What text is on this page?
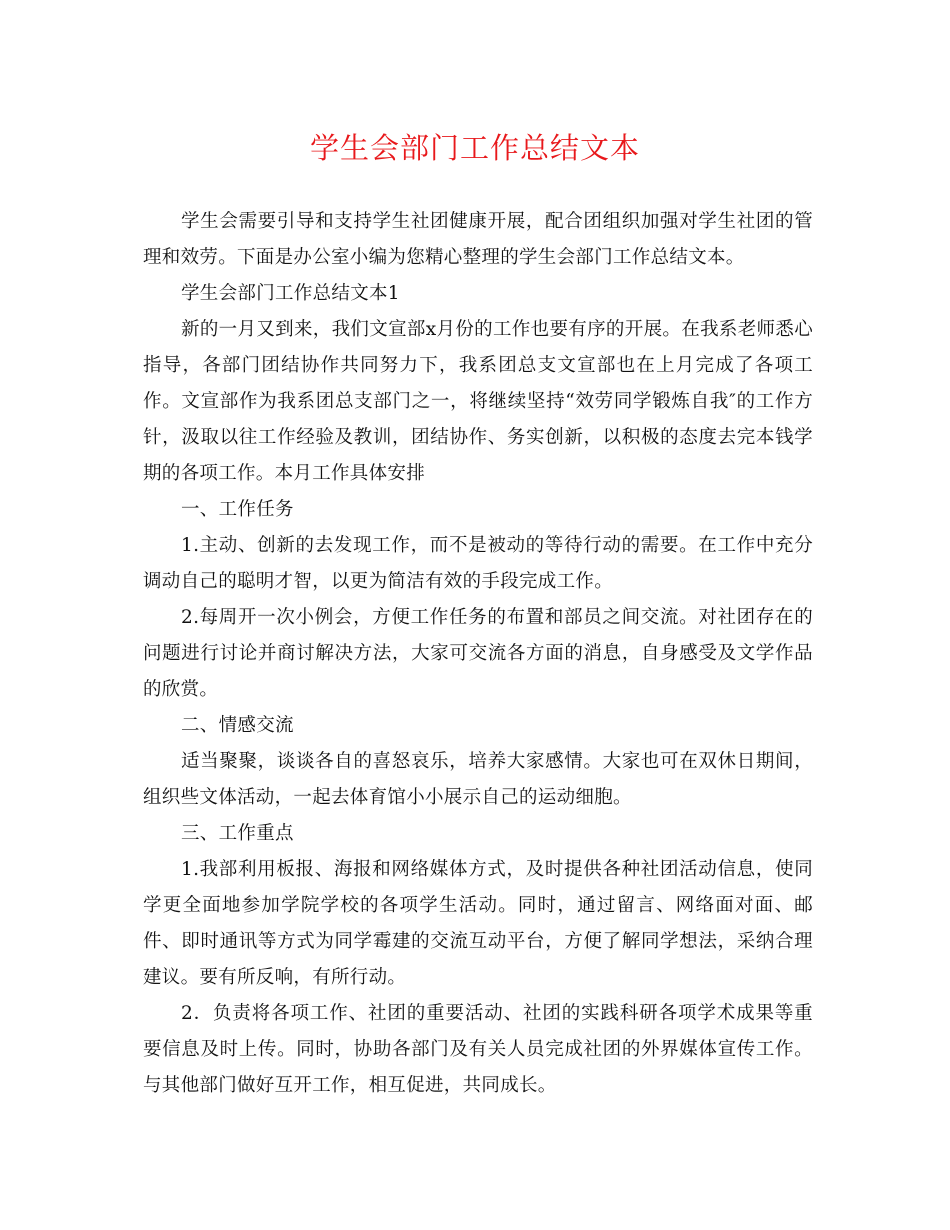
学生会部门工作总结文本

学生会需要引导和支持学生社团健康开展，配合团组织加强对学生社团的管理和效劳。下面是办公室小编为您精心整理的学生会部门工作总结文本。

学生会部门工作总结文本1

新的一月又到来，我们文宣部x月份的工作也要有序的开展。在我系老师悉心指导，各部门团结协作共同努力下，我系团总支文宣部也在上月完成了各项工作。文宣部作为我系团总支部门之一，将继续坚持“效劳同学锻炼自我″的工作方针，汲取以往工作经验及教训，团结协作、务实创新，以积极的态度去完本钱学期的各项工作。本月工作具体安排

一、工作任务

1.主动、创新的去发现工作，而不是被动的等待行动的需要。在工作中充分调动自己的聪明才智，以更为简洁有效的手段完成工作。

2.每周开一次小例会，方便工作任务的布置和部员之间交流。对社团存在的问题进行讨论并商讨解决方法，大家可交流各方面的消息，自身感受及文学作品的欣赏。

二、情感交流

适当聚聚，谈谈各自的喜怒哀乐，培养大家感情。大家也可在双休日期间，组织些文体活动，一起去体育馆小小展示自己的运动细胞。

三、工作重点

1.我部利用板报、海报和网络媒体方式，及时提供各种社团活动信息，使同学更全面地参加学院学校的各项学生活动。同时，通过留言、网络面对面、邮件、即时通讯等方式为同学霉建的交流互动平台，方便了解同学想法，采纳合理建议。要有所反响，有所行动。

2．负责将各项工作、社团的重要活动、社团的实践科研各项学术成果等重要信息及时上传。同时，协助各部门及有关人员完成社团的外界媒体宣传工作。与其他部门做好互开工作，相互促进，共同成长。
